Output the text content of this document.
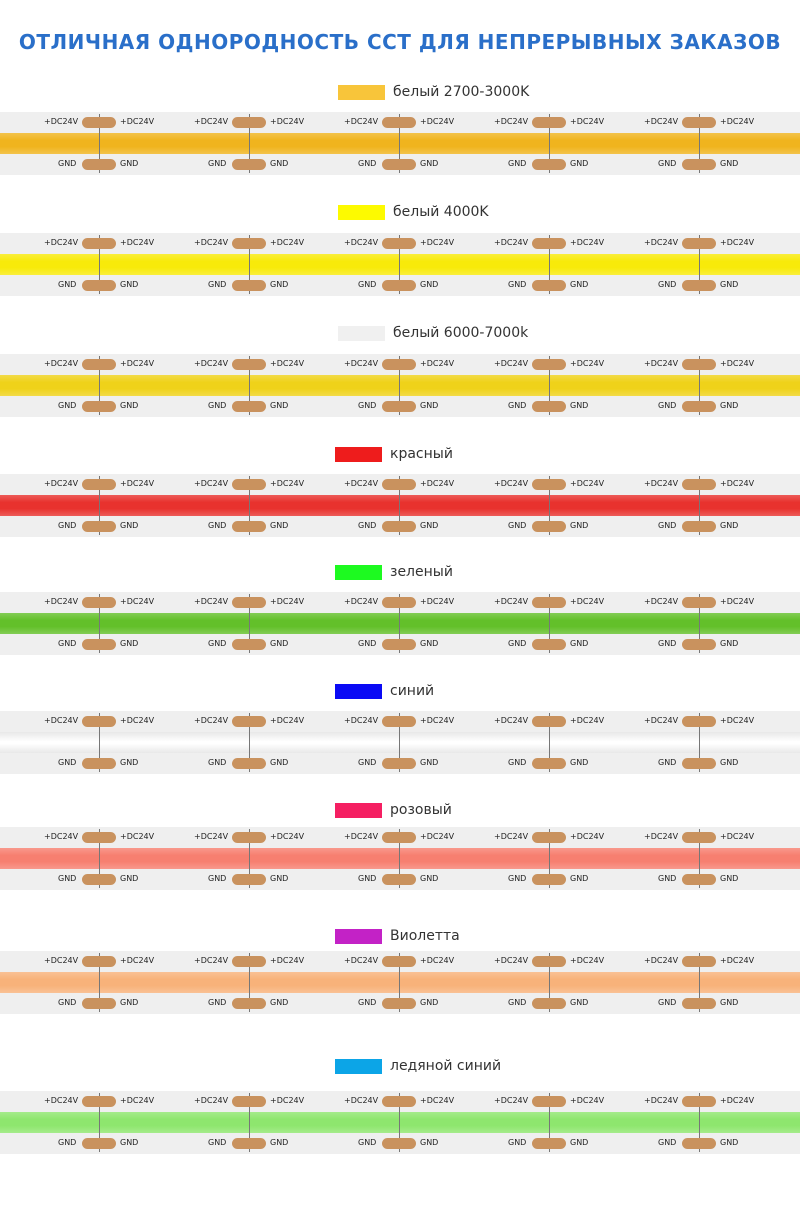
ОТЛИЧНАЯ ОДНОРОДНОСТЬ CCT ДЛЯ НЕПРЕРЫВНЫХ ЗАКАЗОВ
белый 2700-3000K
+DC24V	+DC24V
GND	GND
+DC24V	+DC24V
GND	GND
+DC24V	+DC24V
GND	GND
+DC24V	+DC24V
GND	GND
+DC24V	+DC24V
GND	GND
белый 4000K
+DC24V	+DC24V
GND	GND
+DC24V	+DC24V
GND	GND
+DC24V	+DC24V
GND	GND
+DC24V	+DC24V
GND	GND
+DC24V	+DC24V
GND	GND
белый 6000-7000k
+DC24V	+DC24V
GND	GND
+DC24V	+DC24V
GND	GND
+DC24V	+DC24V
GND	GND
+DC24V	+DC24V
GND	GND
+DC24V	+DC24V
GND	GND
красный
+DC24V	+DC24V
GND	GND
+DC24V	+DC24V
GND	GND
+DC24V	+DC24V
GND	GND
+DC24V	+DC24V
GND	GND
+DC24V	+DC24V
GND	GND
зеленый
+DC24V	+DC24V
GND	GND
+DC24V	+DC24V
GND	GND
+DC24V	+DC24V
GND	GND
+DC24V	+DC24V
GND	GND
+DC24V	+DC24V
GND	GND
синий
+DC24V	+DC24V
GND	GND
+DC24V	+DC24V
GND	GND
+DC24V	+DC24V
GND	GND
+DC24V	+DC24V
GND	GND
+DC24V	+DC24V
GND	GND
розовый
+DC24V	+DC24V
GND	GND
+DC24V	+DC24V
GND	GND
+DC24V	+DC24V
GND	GND
+DC24V	+DC24V
GND	GND
+DC24V	+DC24V
GND	GND
Виолетта
+DC24V	+DC24V
GND	GND
+DC24V	+DC24V
GND	GND
+DC24V	+DC24V
GND	GND
+DC24V	+DC24V
GND	GND
+DC24V	+DC24V
GND	GND
ледяной синий
+DC24V	+DC24V
GND	GND
+DC24V	+DC24V
GND	GND
+DC24V	+DC24V
GND	GND
+DC24V	+DC24V
GND	GND
+DC24V	+DC24V
GND	GND
